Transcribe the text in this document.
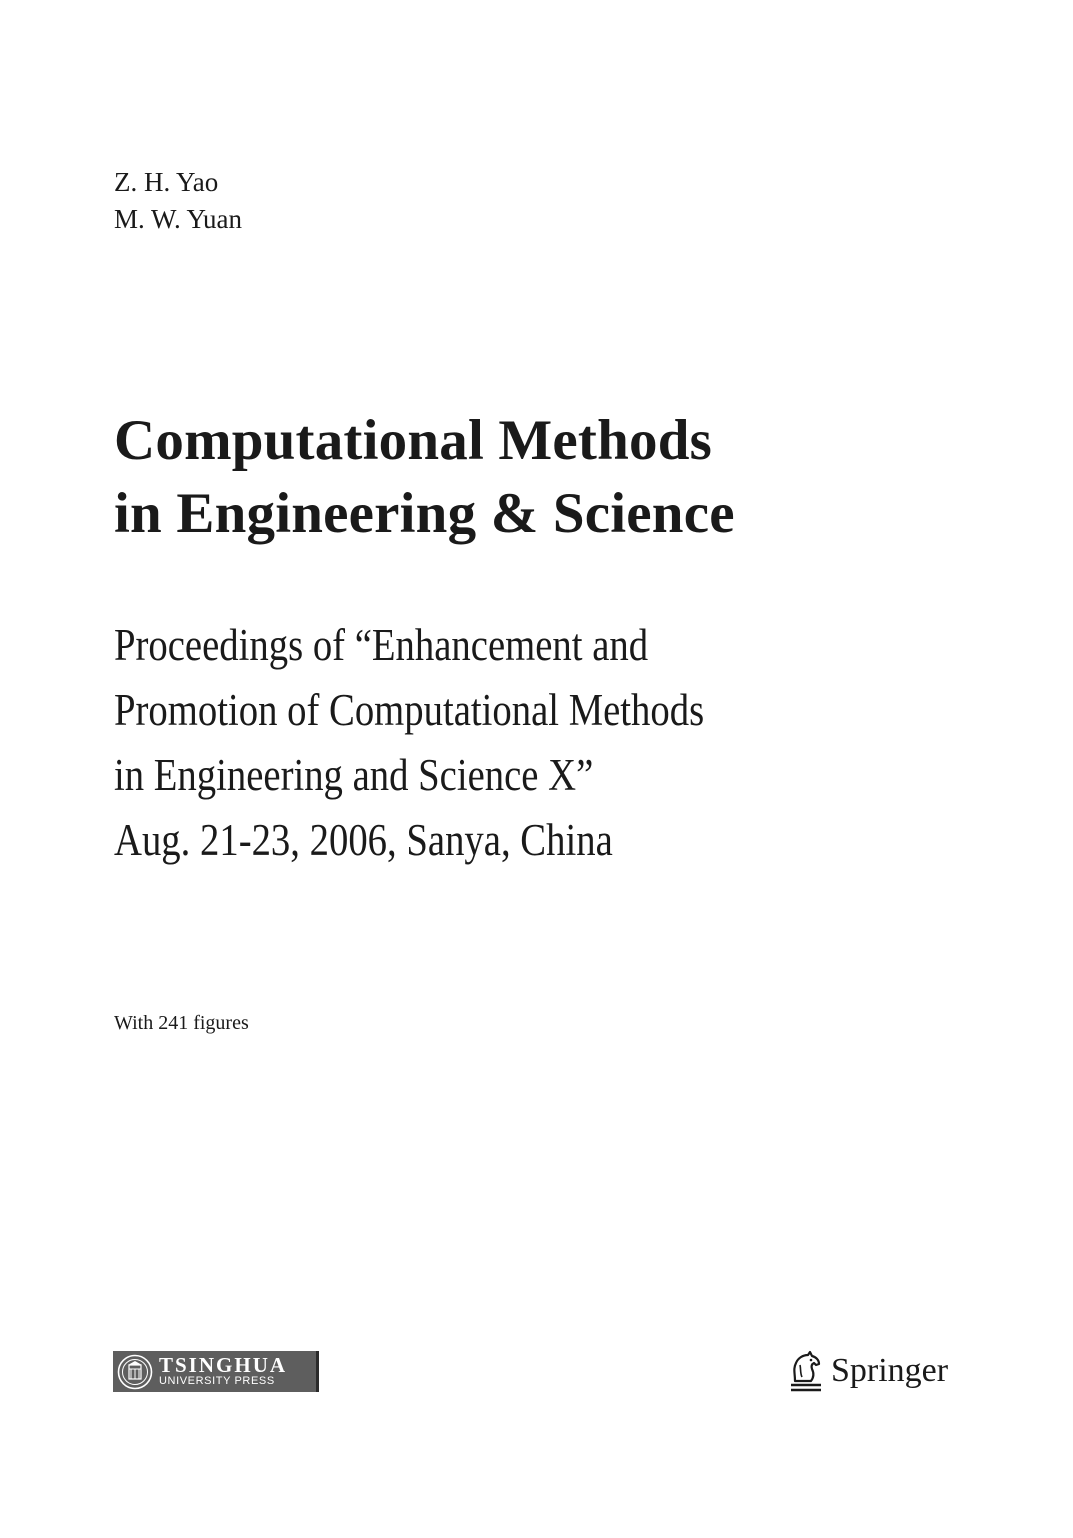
Z. H. Yao
M. W. Yuan
Computational Methods
in Engineering & Science
Proceedings of “Enhancement and
Promotion of Computational Methods
in Engineering and Science X”
Aug. 21-23, 2006, Sanya, China
With 241 figures
TSINGHUA
UNIVERSITY PRESS	Springer
